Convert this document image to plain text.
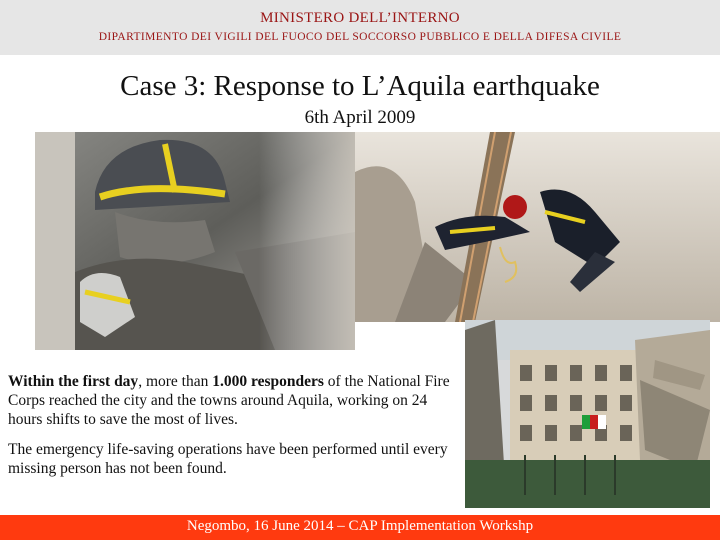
MINISTERO DELL’INTERNO
DIPARTIMENTO DEI VIGILI DEL FUOCO DEL SOCCORSO PUBBLICO E DELLA DIFESA CIVILE
Case 3: Response to L’Aquila earthquake
6th April 2009

Within the first day, more than 1.000 responders of the National Fire Corps reached the city and the towns around Aquila, working on 24 hours shifts to save the most of lives.

The emergency life-saving operations have been performed until every missing person has not been found.

Negombo, 16 June 2014 – CAP Implementation Workshp
